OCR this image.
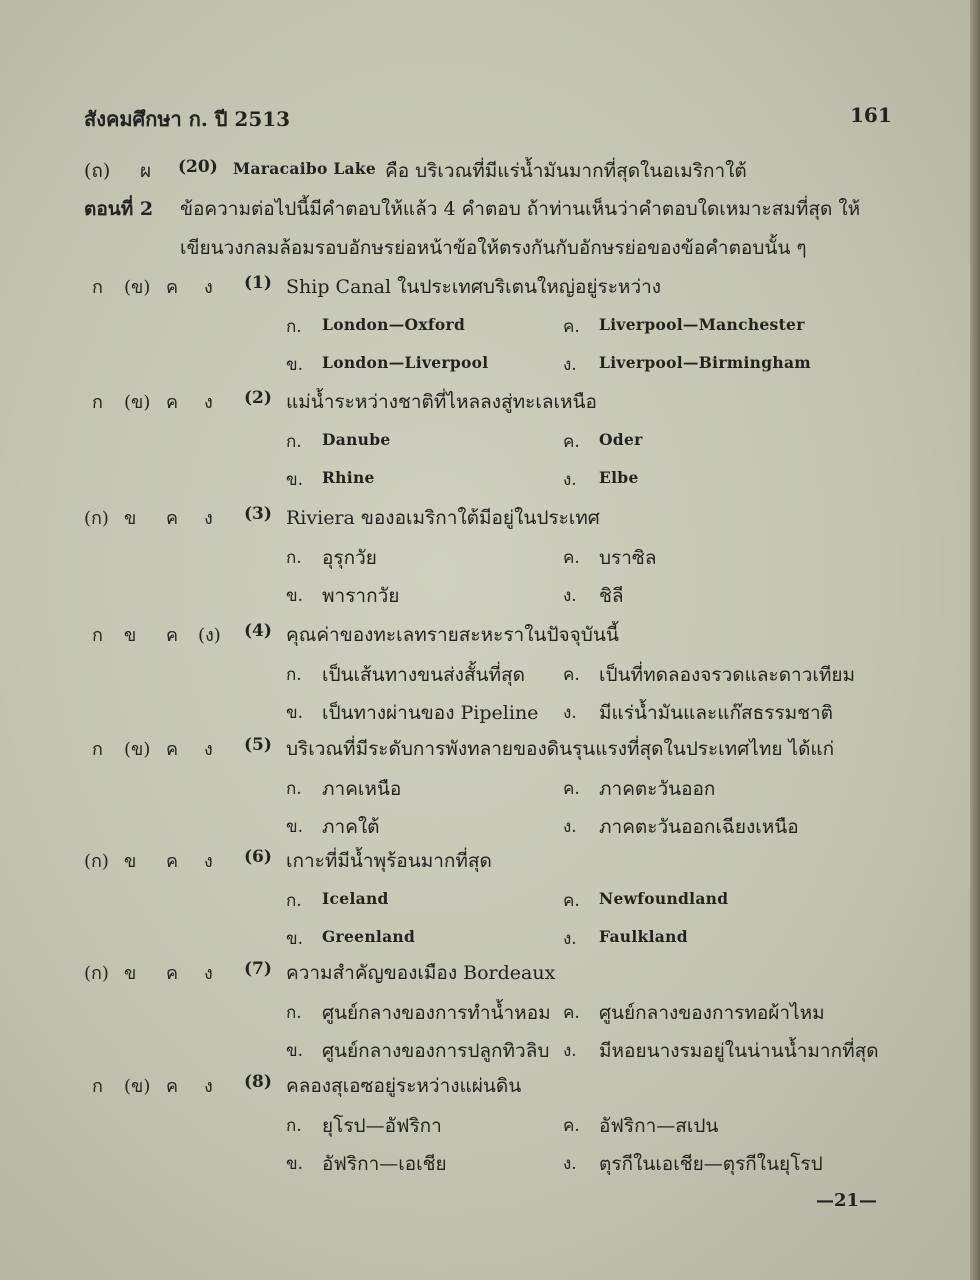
สังคมศึกษา ก. ปี 2513	161
(ถ) ผ (20) Maracaibo Lake คือ บริเวณที่มีแร่น้ำมันมากที่สุดในอเมริกาใต้
ตอนที่ 2 ข้อความต่อไปนี้มีคำตอบให้แล้ว 4 คำตอบ ถ้าท่านเห็นว่าคำตอบใดเหมาะสมที่สุด ให้
เขียนวงกลมล้อมรอบอักษรย่อหน้าข้อให้ตรงกันกับอักษรย่อของข้อคำตอบนั้น ๆ
ก (ข) ค ง (1) Ship Canal ในประเทศบริเตนใหญ่อยู่ระหว่าง
ก. London—Oxford	ค. Liverpool—Manchester
ข. London—Liverpool	ง. Liverpool—Birmingham
ก (ข) ค ง (2) แม่น้ำระหว่างชาติที่ไหลลงสู่ทะเลเหนือ
ก. Danube	ค. Oder
ข. Rhine	ง. Elbe
(ก) ข ค ง (3) Riviera ของอเมริกาใต้มีอยู่ในประเทศ
ก. อุรุกวัย	ค. บราซิล
ข. พารากวัย	ง. ชิลี
ก ข ค (ง) (4) คุณค่าของทะเลทรายสะหะราในปัจจุบันนี้
ก. เป็นเส้นทางขนส่งสั้นที่สุด ค. เป็นที่ทดลองจรวดและดาวเทียม
ข. เป็นทางผ่านของ Pipeline ง. มีแร่น้ำมันและแก๊สธรรมชาติ
ก (ข) ค ง (5) บริเวณที่มีระดับการพังทลายของดินรุนแรงที่สุดในประเทศไทย ได้แก่
ก. ภาคเหนือ	ค. ภาคตะวันออก
ข. ภาคใต้	ง. ภาคตะวันออกเฉียงเหนือ
(ก) ข ค ง (6) เกาะที่มีน้ำพุร้อนมากที่สุด
ก. Iceland	ค. Newfoundland
ข. Greenland	ง. Faulkland
(ก) ข ค ง (7) ความสำคัญของเมือง Bordeaux
ก. ศูนย์กลางของการทำน้ำหอม ค. ศูนย์กลางของการทอผ้าไหม
ข. ศูนย์กลางของการปลูกทิวลิบ ง. มีหอยนางรมอยู่ในน่านน้ำมากที่สุด
ก (ข) ค ง (8) คลองสุเอซอยู่ระหว่างแผ่นดิน
ก. ยุโรป—อัฟริกา	ค. อัฟริกา—สเปน
ข. อัฟริกา—เอเชีย	ง. ตุรกีในเอเชีย—ตุรกีในยุโรป
—21—
